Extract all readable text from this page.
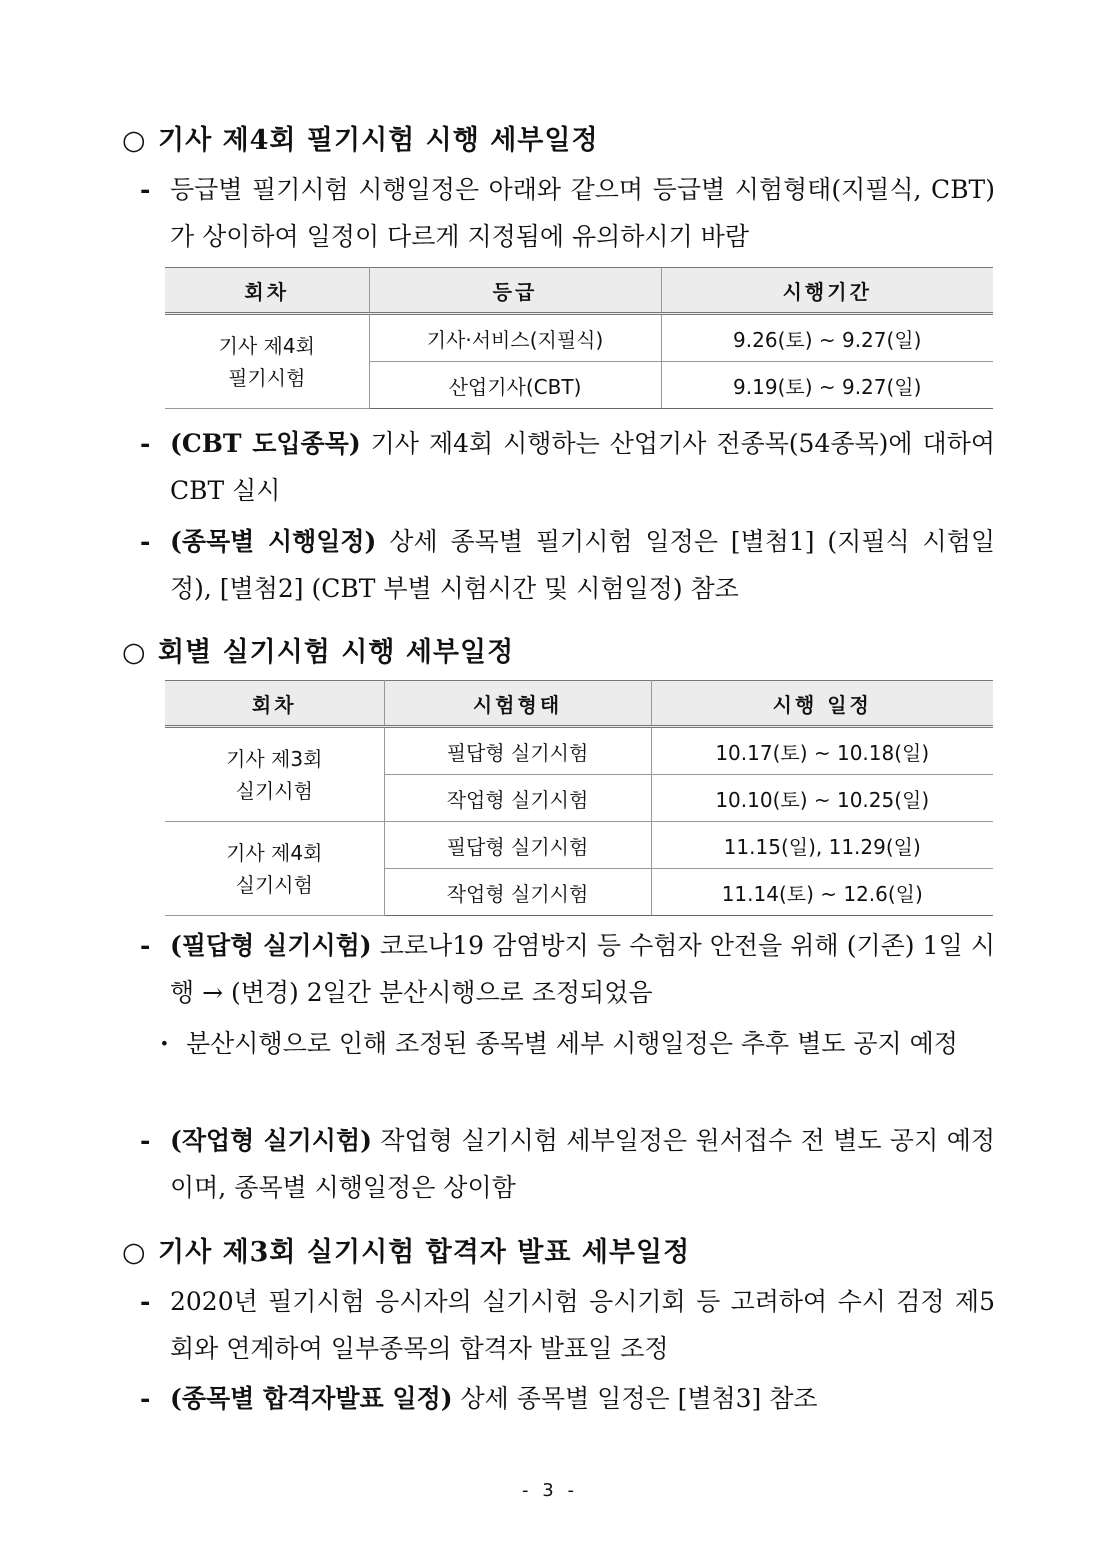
○ 기사 제4회 필기시험 시행 세부일정
- 등급별 필기시험 시행일정은 아래와 같으며 등급별 시험형태(지필식, CBT)가 상이하여 일정이 다르게 지정됨에 유의하시기 바람
회차	등급	시행기간

기사 제4회
필기시험	기사·서비스(지필식)	9.26(토) ~ 9.27(일)
	산업기사(CBT)	9.19(토) ~ 9.27(일)
- (CBT 도입종목) 기사 제4회 시행하는 산업기사 전종목(54종목)에 대하여 CBT 실시
- (종목별 시행일정) 상세 종목별 필기시험 일정은 [별첨1] (지필식 시험일정), [별첨2] (CBT 부별 시험시간 및 시험일정) 참조
○ 회별 실기시험 시행 세부일정
회차	시험형태	시행 일정

기사 제3회
실기시험	필답형 실기시험	10.17(토) ~ 10.18(일)
	작업형 실기시험	10.10(토) ~ 10.25(일)

기사 제4회
실기시험	필답형 실기시험	11.15(일), 11.29(일)
	작업형 실기시험	11.14(토) ~ 12.6(일)
- (필답형 실기시험) 코로나19 감염방지 등 수험자 안전을 위해 (기존) 1일 시행 → (변경) 2일간 분산시행으로 조정되었음
· 분산시행으로 인해 조정된 종목별 세부 시행일정은 추후 별도 공지 예정
- (작업형 실기시험) 작업형 실기시험 세부일정은 원서접수 전 별도 공지 예정이며, 종목별 시행일정은 상이함
○ 기사 제3회 실기시험 합격자 발표 세부일정
- 2020년 필기시험 응시자의 실기시험 응시기회 등 고려하여 수시 검정 제5회와 연계하여 일부종목의 합격자 발표일 조정
- (종목별 합격자발표 일정) 상세 종목별 일정은 [별첨3] 참조
- 3 -
